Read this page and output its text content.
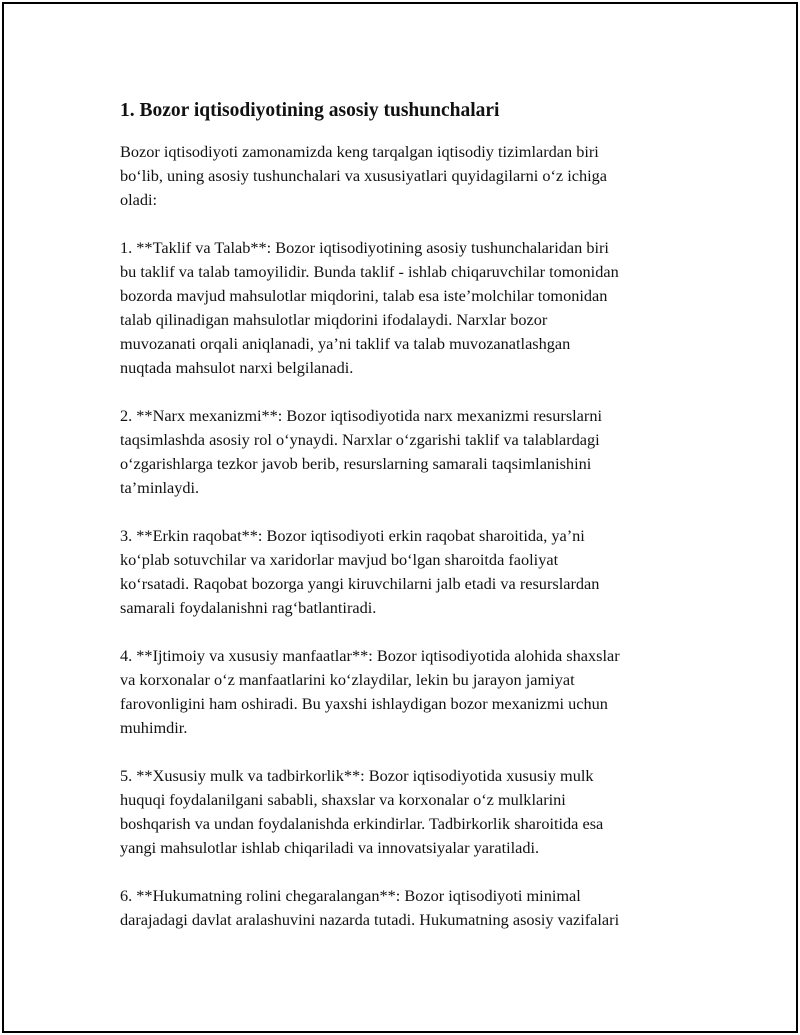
1. Bozor iqtisodiyotining asosiy tushunchalari

Bozor iqtisodiyoti zamonamizda keng tarqalgan iqtisodiy tizimlardan biri
bo‘lib, uning asosiy tushunchalari va xususiyatlari quyidagilarni o‘z ichiga
oladi:

1. **Taklif va Talab**: Bozor iqtisodiyotining asosiy tushunchalaridan biri
bu taklif va talab tamoyilidir. Bunda taklif - ishlab chiqaruvchilar tomonidan
bozorda mavjud mahsulotlar miqdorini, talab esa iste’molchilar tomonidan
talab qilinadigan mahsulotlar miqdorini ifodalaydi. Narxlar bozor
muvozanati orqali aniqlanadi, ya’ni taklif va talab muvozanatlashgan
nuqtada mahsulot narxi belgilanadi.

2. **Narx mexanizmi**: Bozor iqtisodiyotida narx mexanizmi resurslarni
taqsimlashda asosiy rol o‘ynaydi. Narxlar o‘zgarishi taklif va talablardagi
o‘zgarishlarga tezkor javob berib, resurslarning samarali taqsimlanishini
ta’minlaydi.

3. **Erkin raqobat**: Bozor iqtisodiyoti erkin raqobat sharoitida, ya’ni
ko‘plab sotuvchilar va xaridorlar mavjud bo‘lgan sharoitda faoliyat
ko‘rsatadi. Raqobat bozorga yangi kiruvchilarni jalb etadi va resurslardan
samarali foydalanishni rag‘batlantiradi.

4. **Ijtimoiy va xususiy manfaatlar**: Bozor iqtisodiyotida alohida shaxslar
va korxonalar o‘z manfaatlarini ko‘zlaydilar, lekin bu jarayon jamiyat
farovonligini ham oshiradi. Bu yaxshi ishlaydigan bozor mexanizmi uchun
muhimdir.

5. **Xususiy mulk va tadbirkorlik**: Bozor iqtisodiyotida xususiy mulk
huquqi foydalanilgani sababli, shaxslar va korxonalar o‘z mulklarini
boshqarish va undan foydalanishda erkindirlar. Tadbirkorlik sharoitida esa
yangi mahsulotlar ishlab chiqariladi va innovatsiyalar yaratiladi.

6. **Hukumatning rolini chegaralangan**: Bozor iqtisodiyoti minimal
darajadagi davlat aralashuvini nazarda tutadi. Hukumatning asosiy vazifalari
